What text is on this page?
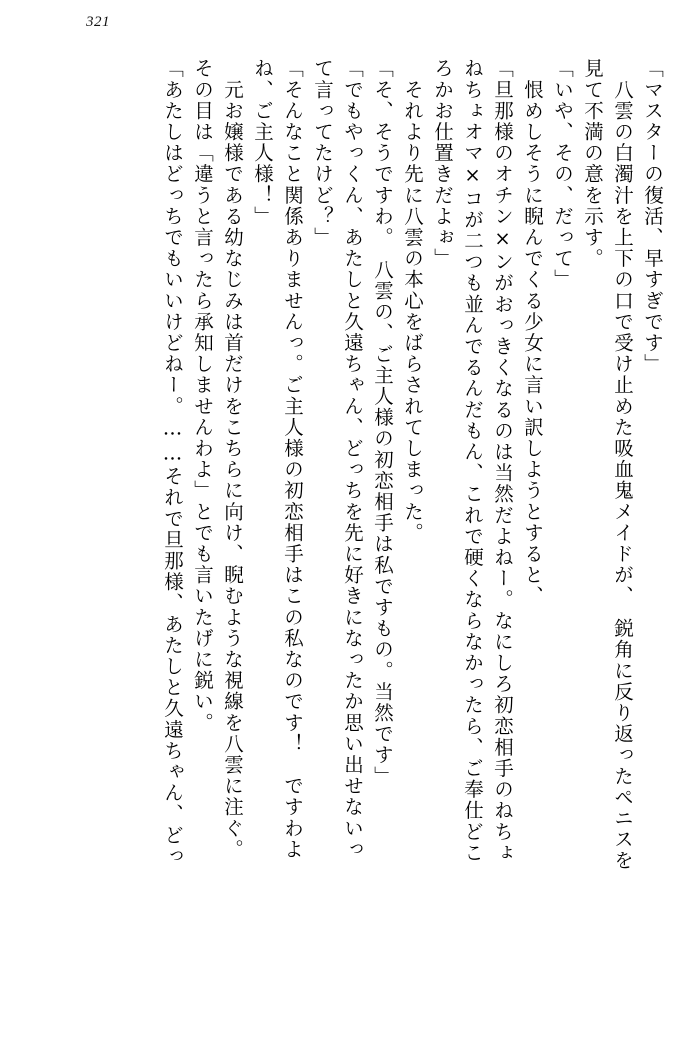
321
「マスターの復活、早すぎです」
　八雲の白濁汁を上下の口で受け止めた吸血鬼メイドが、　鋭角に反り返ったペニスを
見て不満の意を示す。
「いや、その、だって」
　恨めしそうに睨んでくる少女に言い訳しようとすると、
「旦那様のオチン×ンがおっきくなるのは当然だよねー。なにしろ初恋相手のねちょ
ねちょオマ×コが二つも並んでるんだもん、これで硬くならなかったら、ご奉仕どこ
ろかお仕置きだよぉ」
　それより先に八雲の本心をばらされてしまった。
「そ、そうですわ。　八雲の、ご主人様の初恋相手は私ですもの。当然です」
「でもやっくん、あたしと久遠ちゃん、どっちを先に好きになったか思い出せないっ
て言ってたけど？」
「そんなこと関係ありませんっ。ご主人様の初恋相手はこの私なのです！　ですわよ
ね、ご主人様！」
　元お嬢様である幼なじみは首だけをこちらに向け、睨むような視線を八雲に注ぐ。
その目は「違うと言ったら承知しませんわよ」とでも言いたげに鋭い。
「あたしはどっちでもいいけどねー。……それで旦那様、あたしと久遠ちゃん、どっ
